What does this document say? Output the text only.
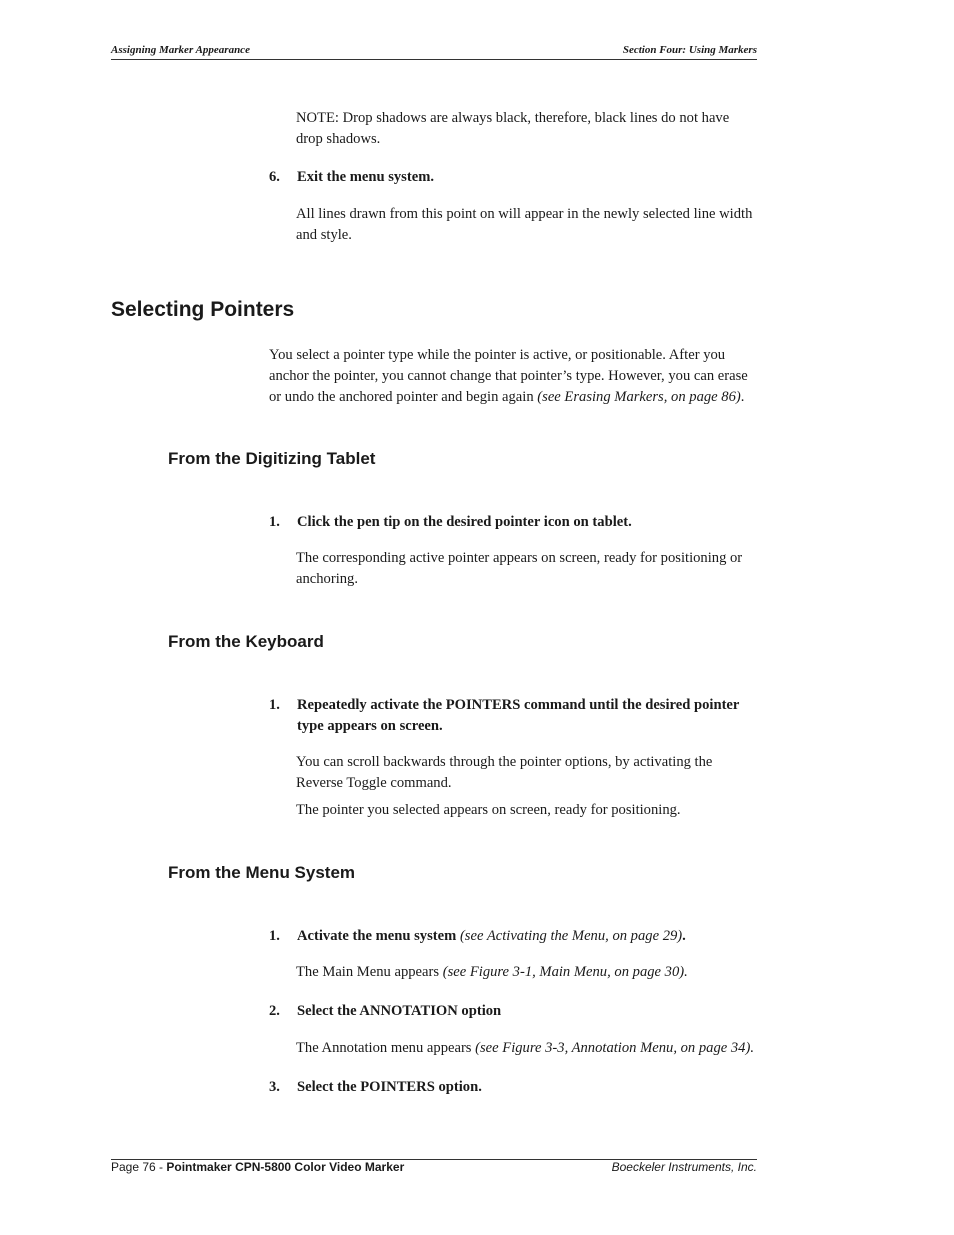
Assigning Marker Appearance	Section Four: Using Markers
NOTE: Drop shadows are always black, therefore, black lines do not have
drop shadows.
6.	Exit the menu system.
All lines drawn from this point on will appear in the newly selected line width
and style.
Selecting Pointers
You select a pointer type while the pointer is active, or positionable. After you
anchor the pointer, you cannot change that pointer’s type. However, you can erase
or undo the anchored pointer and begin again (see Erasing Markers, on page 86).
From the Digitizing Tablet
1.	Click the pen tip on the desired pointer icon on tablet.
The corresponding active pointer appears on screen, ready for positioning or
anchoring.
From the Keyboard
1.	Repeatedly activate the POINTERS command until the desired pointer
type appears on screen.
You can scroll backwards through the pointer options, by activating the
Reverse Toggle command.
The pointer you selected appears on screen, ready for positioning.
From the Menu System
1.	Activate the menu system (see Activating the Menu, on page 29).
The Main Menu appears (see Figure 3-1, Main Menu, on page 30).
2.	Select the ANNOTATION option
The Annotation menu appears (see Figure 3-3, Annotation Menu, on page 34).
3.	Select the POINTERS option.
Page 76 - Pointmaker CPN-5800 Color Video Marker	Boeckeler Instruments, Inc.
